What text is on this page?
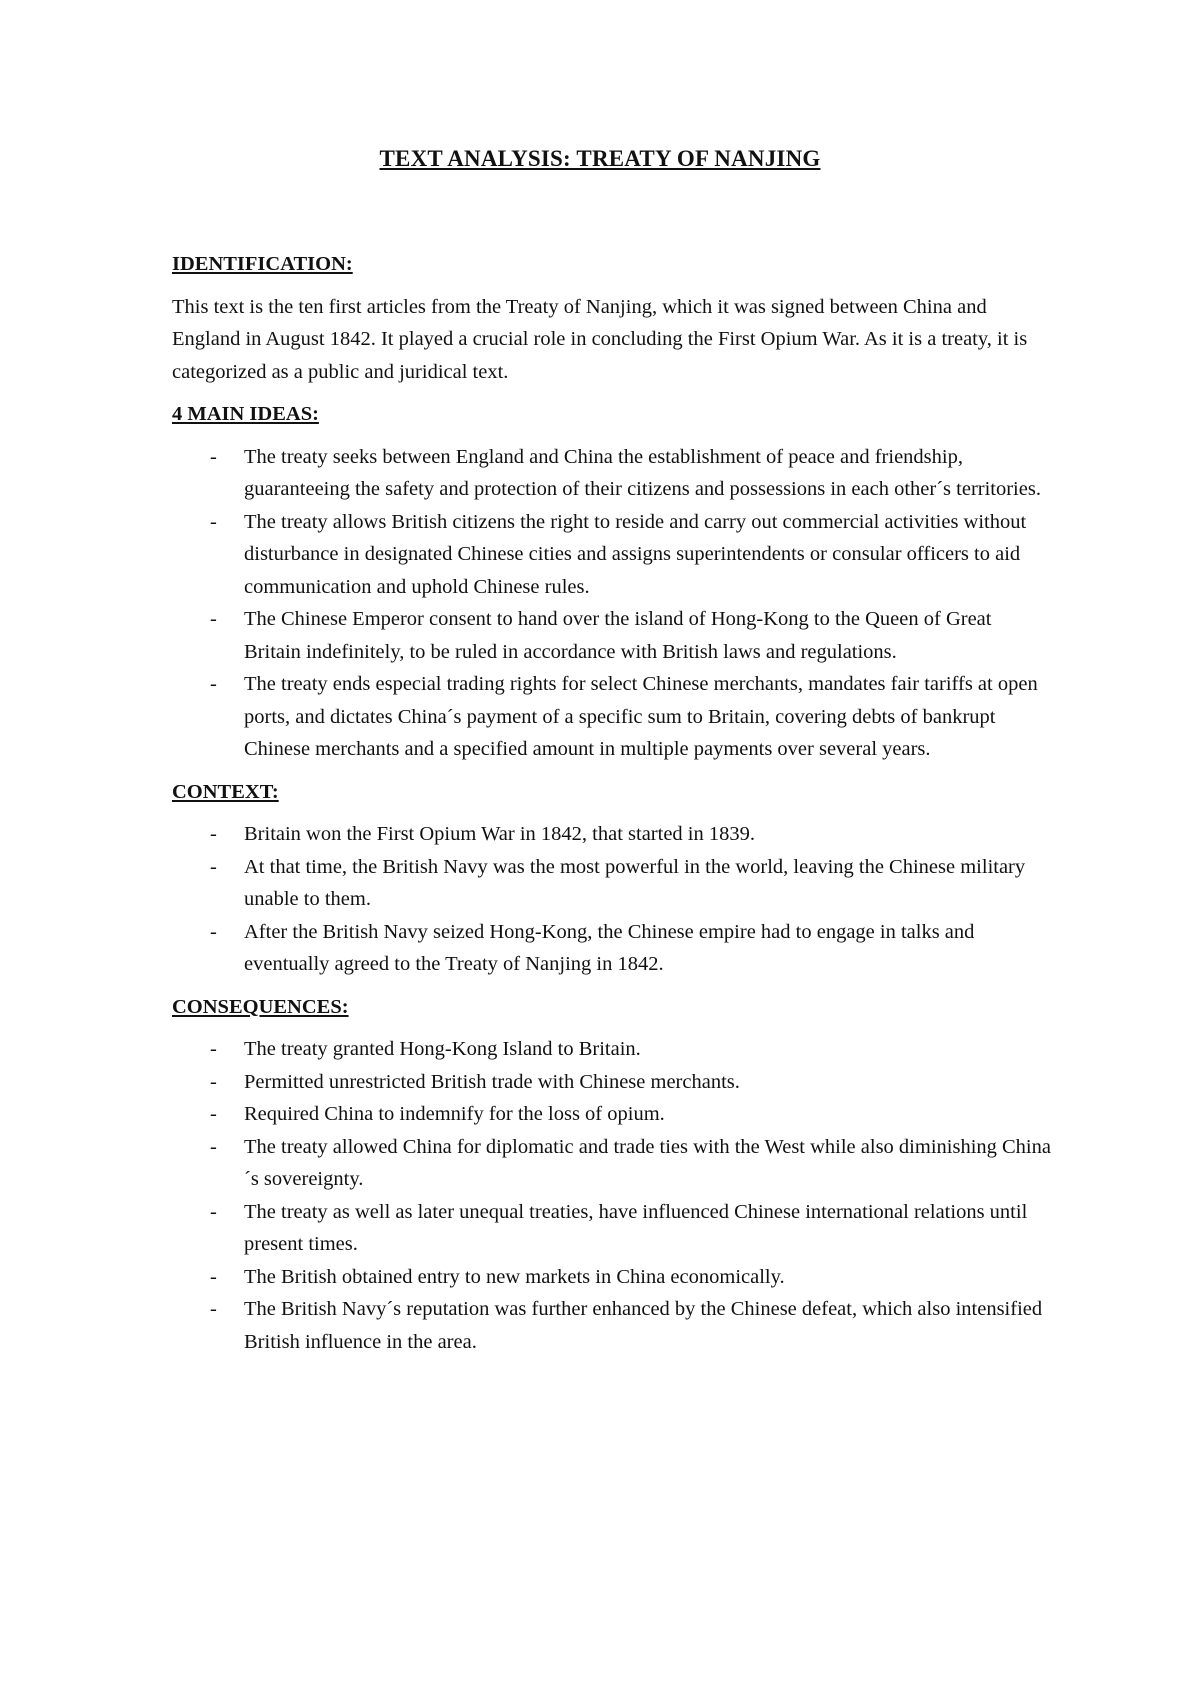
TEXT ANALYSIS: TREATY OF NANJING
IDENTIFICATION:
This text is the ten first articles from the Treaty of Nanjing, which it was signed between China and England in August 1842. It played a crucial role in concluding the First Opium War. As it is a treaty, it is categorized as a public and juridical text.
4 MAIN IDEAS:
- The treaty seeks between England and China the establishment of peace and friendship, guaranteeing the safety and protection of their citizens and possessions in each other´s territories.
- The treaty allows British citizens the right to reside and carry out commercial activities without disturbance in designated Chinese cities and assigns superintendents or consular officers to aid communication and uphold Chinese rules.
- The Chinese Emperor consent to hand over the island of Hong-Kong to the Queen of Great Britain indefinitely, to be ruled in accordance with British laws and regulations.
- The treaty ends especial trading rights for select Chinese merchants, mandates fair tariffs at open ports, and dictates China´s payment of a specific sum to Britain, covering debts of bankrupt Chinese merchants and a specified amount in multiple payments over several years.
CONTEXT:
- Britain won the First Opium War in 1842, that started in 1839.
- At that time, the British Navy was the most powerful in the world, leaving the Chinese military unable to them.
- After the British Navy seized Hong-Kong, the Chinese empire had to engage in talks and eventually agreed to the Treaty of Nanjing in 1842.
CONSEQUENCES:
- The treaty granted Hong-Kong Island to Britain.
- Permitted unrestricted British trade with Chinese merchants.
- Required China to indemnify for the loss of opium.
- The treaty allowed China for diplomatic and trade ties with the West while also diminishing China´s sovereignty.
- The treaty as well as later unequal treaties, have influenced Chinese international relations until present times.
- The British obtained entry to new markets in China economically.
- The British Navy´s reputation was further enhanced by the Chinese defeat, which also intensified British influence in the area.
